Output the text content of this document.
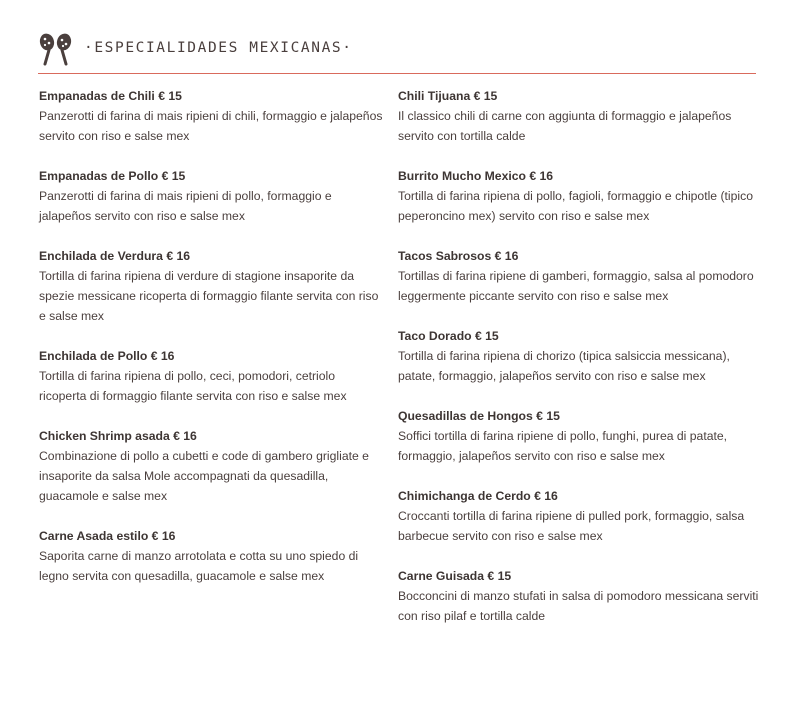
·ESPECIALIDADES MEXICANAS·
Empanadas de Chili € 15
Panzerotti di farina di mais ripieni di chili, formaggio e jalapeños servito con riso e salse mex
Empanadas de Pollo € 15
Panzerotti di farina di mais ripieni di pollo, formaggio e jalapeños servito con riso e salse mex
Enchilada de Verdura € 16
Tortilla di farina ripiena di verdure di stagione insaporite da spezie messicane ricoperta di formaggio filante servita con riso e salse mex
Enchilada de Pollo € 16
Tortilla di farina ripiena di pollo, ceci, pomodori, cetriolo ricoperta di formaggio filante servita con riso e salse mex
Chicken Shrimp asada € 16
Combinazione di pollo a cubetti e code di gambero grigliate e insaporite da salsa Mole accompagnati da quesadilla, guacamole e salse mex
Carne Asada estilo € 16
Saporita carne di manzo arrotolata e cotta su uno spiedo di legno servita con quesadilla, guacamole e salse mex
Chili Tijuana € 15
Il classico chili di carne con aggiunta di formaggio e jalapeños servito con tortilla calde
Burrito Mucho Mexico € 16
Tortilla di farina ripiena di pollo, fagioli, formaggio e chipotle (tipico peperoncino mex) servito con riso e salse mex
Tacos Sabrosos € 16
Tortillas di farina ripiene di gamberi, formaggio, salsa al pomodoro leggermente piccante servito con riso e salse mex
Taco Dorado € 15
Tortilla di farina ripiena di chorizo (tipica salsiccia messicana), patate, formaggio, jalapeños servito con riso e salse mex
Quesadillas de Hongos € 15
Soffici tortilla di farina ripiene di pollo, funghi, purea di patate, formaggio, jalapeños servito con riso e salse mex
Chimichanga de Cerdo € 16
Croccanti tortilla di farina ripiene di pulled pork, formaggio, salsa barbecue servito con riso e salse mex
Carne Guisada € 15
Bocconcini di manzo stufati in salsa di pomodoro messicana serviti con riso pilaf e tortilla calde
